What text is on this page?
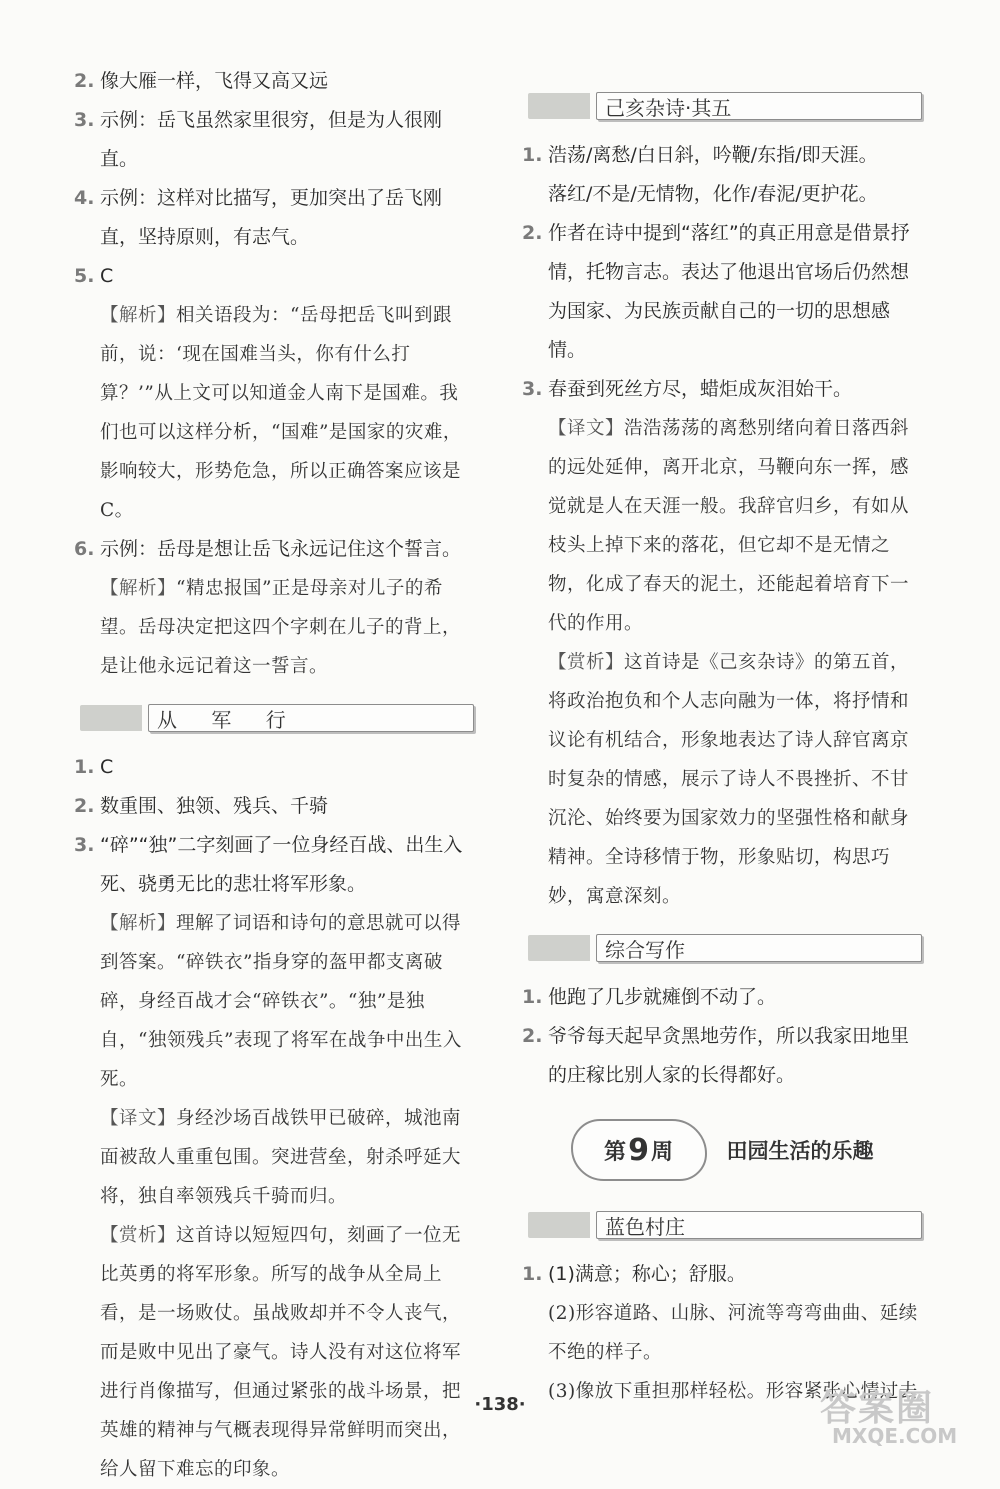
2. 像大雁一样，飞得又高又远
3. 示例：岳飞虽然家里很穷，但是为人很刚直。
4. 示例：这样对比描写，更加突出了岳飞刚直，坚持原则，有志气。
5. C
【解析】相关语段为：“岳母把岳飞叫到跟前，说：‘现在国难当头，你有什么打算？’”从上文可以知道金人南下是国难。我们也可以这样分析，“国难”是国家的灾难，影响较大，形势危急，所以正确答案应该是C。
6. 示例：岳母是想让岳飞永远记住这个誓言。
【解析】“精忠报国”正是母亲对儿子的希望。岳母决定把这四个字刺在儿子的背上，是让他永远记着这一誓言。
从 军 行
1. C
2. 数重围、独领、残兵、千骑
3. “碎”“独”二字刻画了一位身经百战、出生入死、骁勇无比的悲壮将军形象。
【解析】理解了词语和诗句的意思就可以得到答案。“碎铁衣”指身穿的盔甲都支离破碎，身经百战才会“碎铁衣”。“独”是独自，“独领残兵”表现了将军在战争中出生入死。
【译文】身经沙场百战铁甲已破碎，城池南面被敌人重重包围。突进营垒，射杀呼延大将，独自率领残兵千骑而归。
【赏析】这首诗以短短四句，刻画了一位无比英勇的将军形象。所写的战争从全局上看，是一场败仗。虽战败却并不令人丧气，而是败中见出了豪气。诗人没有对这位将军进行肖像描写，但通过紧张的战斗场景，把英雄的精神与气概表现得异常鲜明而突出，给人留下难忘的印象。
己亥杂诗·其五
1. 浩荡/离愁/白日斜，吟鞭/东指/即天涯。
落红/不是/无情物，化作/春泥/更护花。
2. 作者在诗中提到“落红”的真正用意是借景抒情，托物言志。表达了他退出官场后仍然想为国家、为民族贡献自己的一切的思想感情。
3. 春蚕到死丝方尽，蜡炬成灰泪始干。
【译文】浩浩荡荡的离愁别绪向着日落西斜的远处延伸，离开北京，马鞭向东一挥，感觉就是人在天涯一般。我辞官归乡，有如从枝头上掉下来的落花，但它却不是无情之物，化成了春天的泥土，还能起着培育下一代的作用。
【赏析】这首诗是《己亥杂诗》的第五首，将政治抱负和个人志向融为一体，将抒情和议论有机结合，形象地表达了诗人辞官离京时复杂的情感，展示了诗人不畏挫折、不甘沉沦、始终要为国家效力的坚强性格和献身精神。全诗移情于物，形象贴切，构思巧妙，寓意深刻。
综合写作
1. 他跑了几步就瘫倒不动了。
2. 爷爷每天起早贪黑地劳作，所以我家田地里的庄稼比别人家的长得都好。
第 9 周	田园生活的乐趣
蓝色村庄
1. (1)满意；称心；舒服。
(2)形容道路、山脉、河流等弯弯曲曲、延续不绝的样子。
(3)像放下重担那样轻松。形容紧张心情过去
·138·	答案圈
MXQE.COM
